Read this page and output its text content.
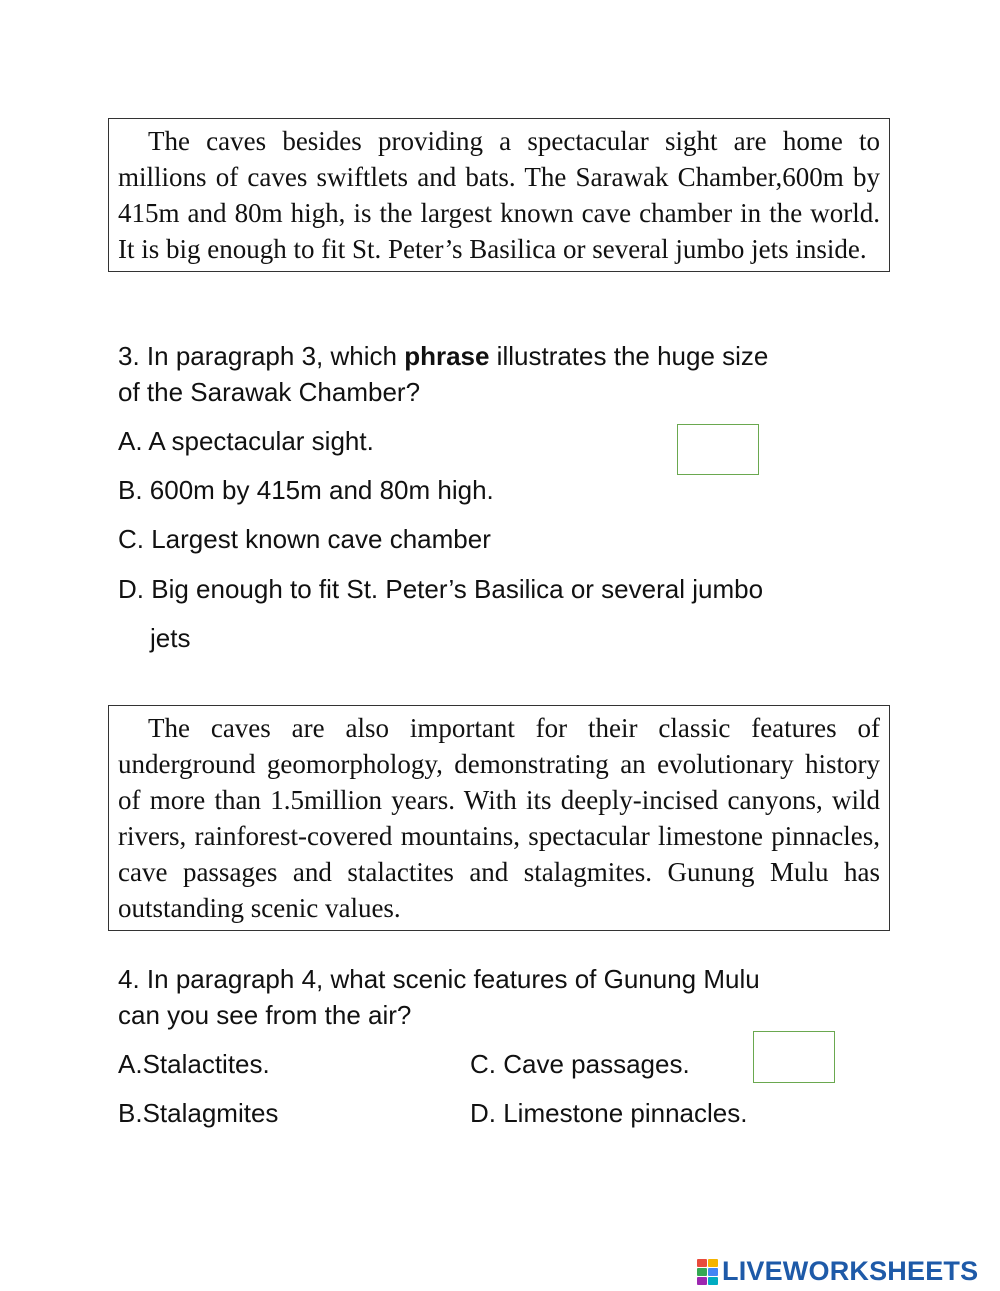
The caves besides providing a spectacular sight are home to millions of caves swiftlets and bats. The Sarawak Chamber,600m by 415m and 80m high, is the largest known cave chamber in the world. It is big enough to fit St. Peter’s Basilica or several jumbo jets inside.
3. In paragraph 3, which phrase illustrates the huge size
of the Sarawak Chamber?
A. A spectacular sight.
B. 600m by 415m and 80m high.
C. Largest known cave chamber
D. Big enough to fit St. Peter’s Basilica or several jumbo
jets
The caves are also important for their classic features of underground geomorphology, demonstrating an evolutionary history of more than 1.5million years. With its deeply-incised canyons, wild rivers, rainforest-covered mountains, spectacular limestone pinnacles, cave passages and stalactites and stalagmites. Gunung Mulu has outstanding scenic values.
4. In paragraph 4, what scenic features of Gunung Mulu
can you see from the air?
A.Stalactites.
B.Stalagmites
C. Cave passages.
D. Limestone pinnacles.
LIVEWORKSHEETS
